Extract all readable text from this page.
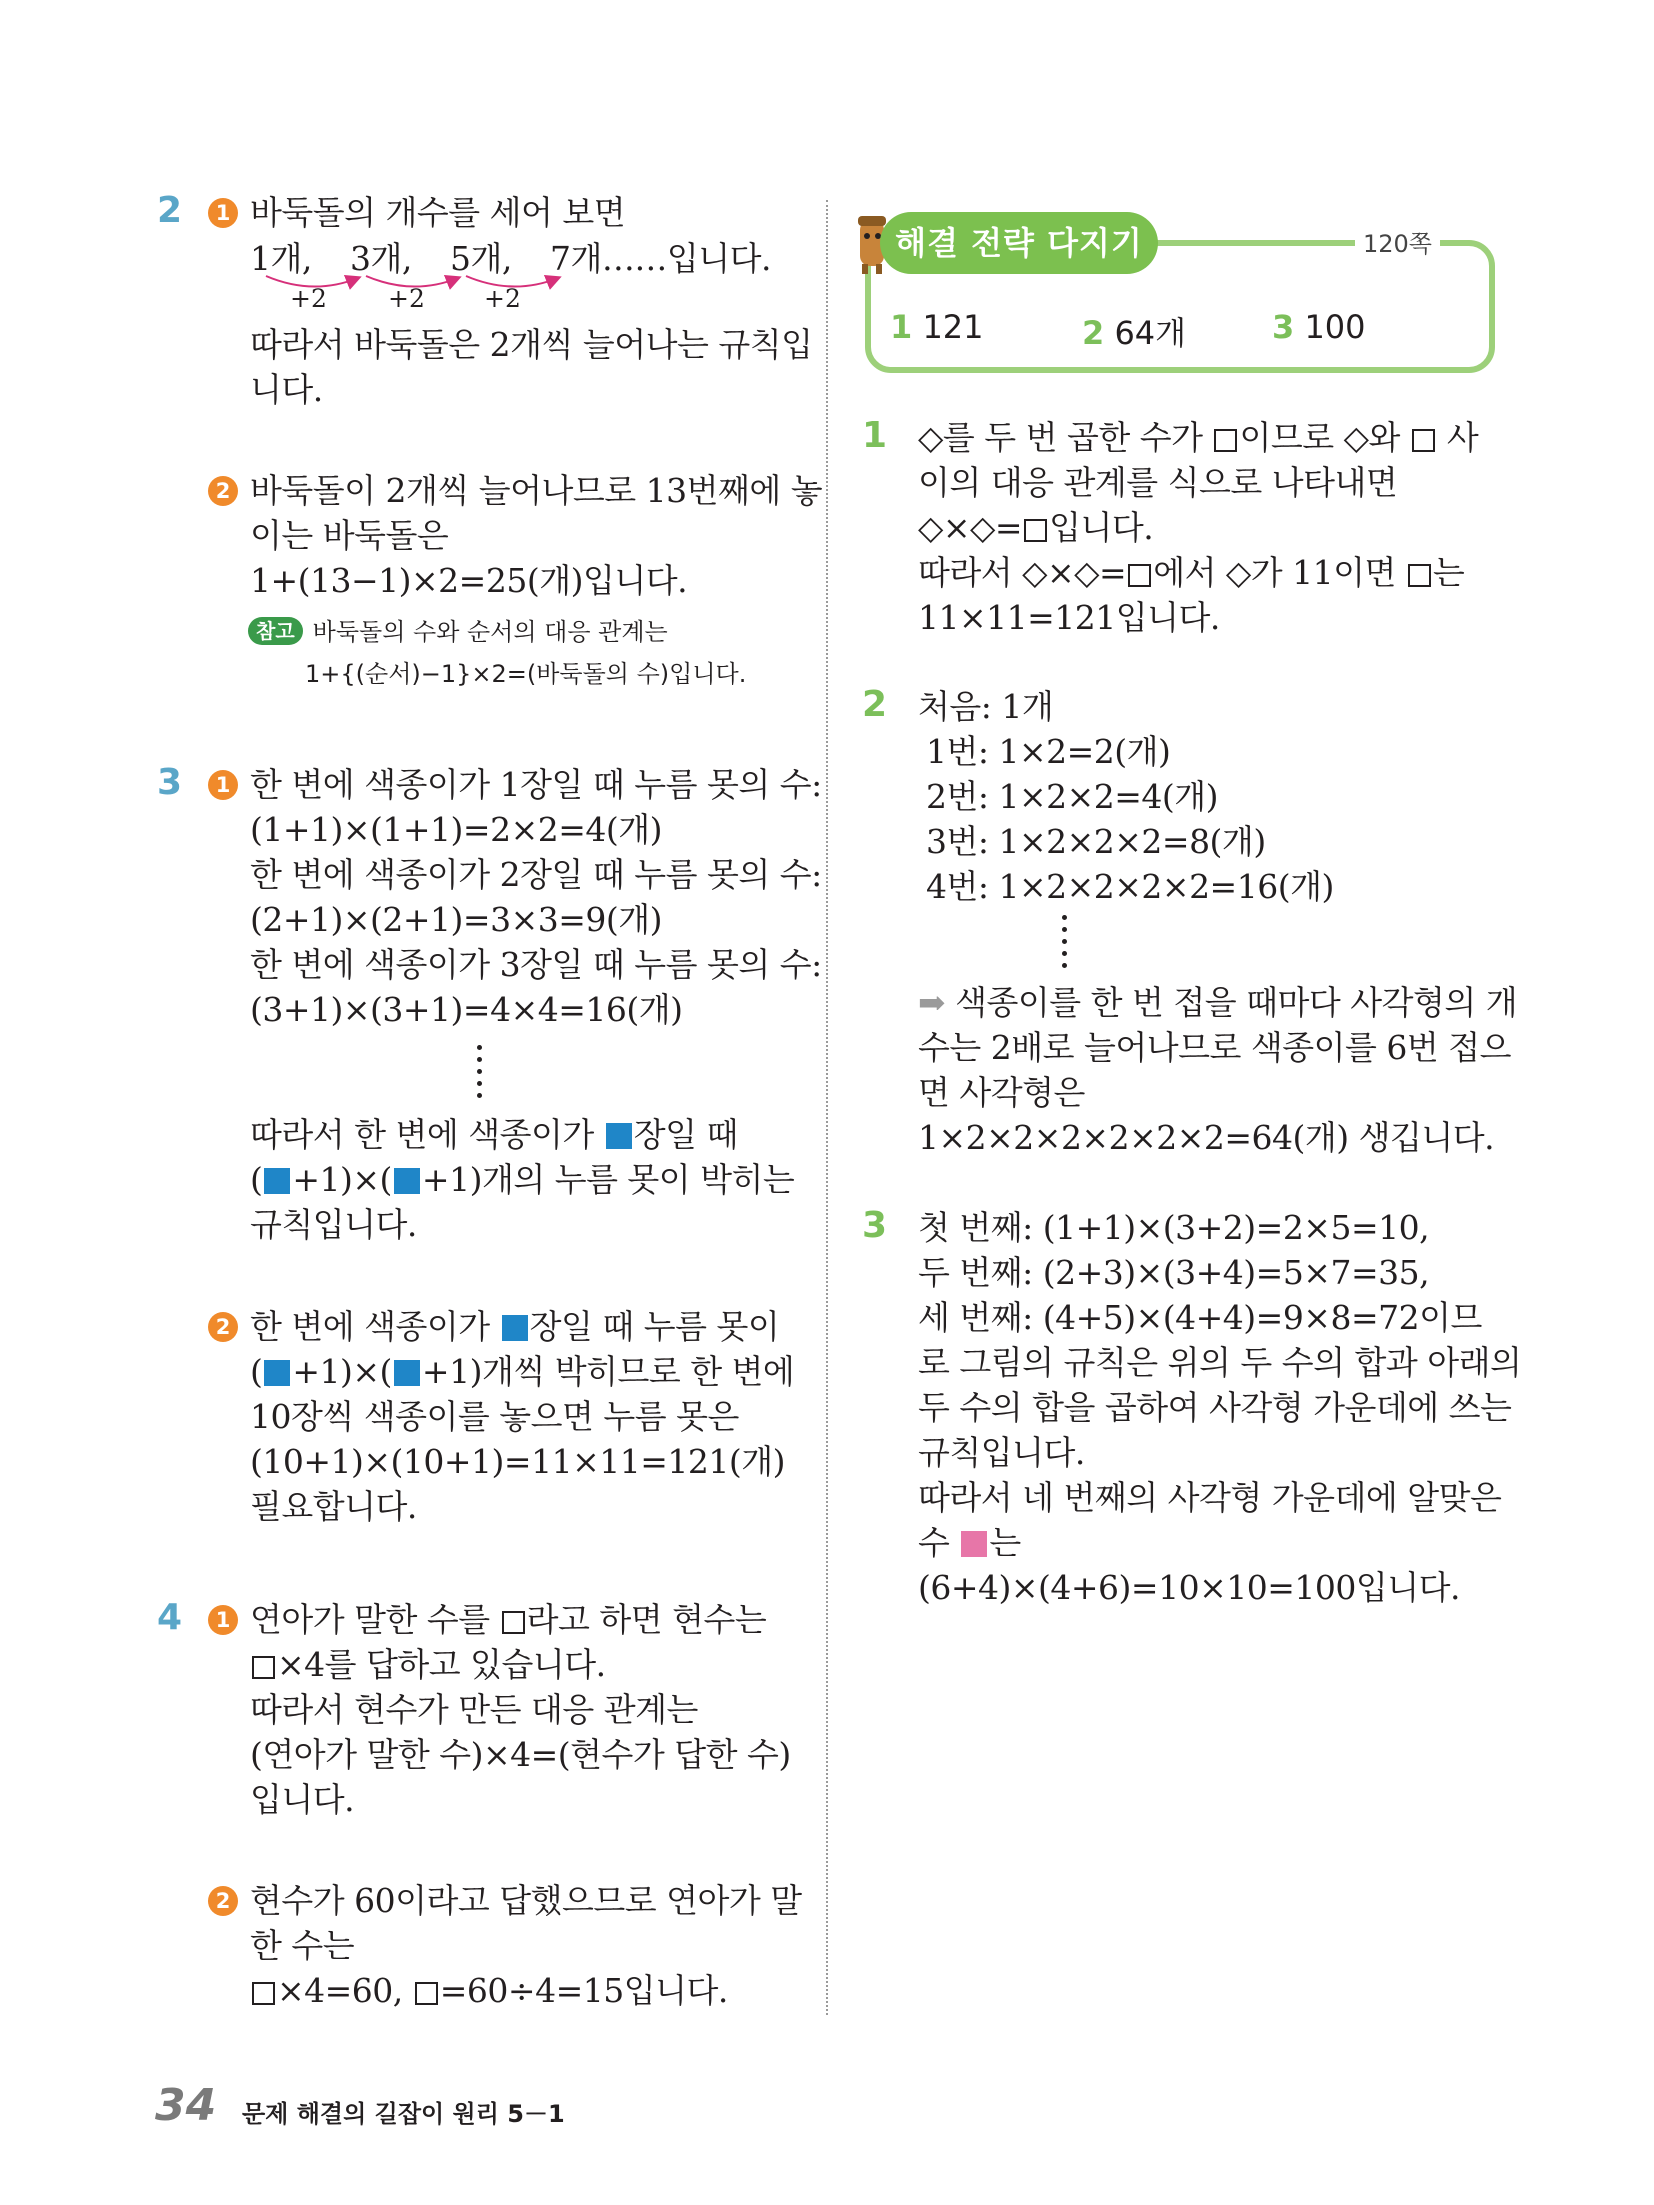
2	1 바둑돌의 개수를 세어 보면
1개, 3개, 5개, 7개……입니다.
+2 +2 +2
따라서 바둑돌은 2개씩 늘어나는 규칙입
니다.
2 바둑돌이 2개씩 늘어나므로 13번째에 놓
이는 바둑돌은
1+(13−1)×2=25(개)입니다.
참고 바둑돌의 수와 순서의 대응 관계는
1+{(순서)−1}×2=(바둑돌의 수)입니다.
3	1 한 변에 색종이가 1장일 때 누름 못의 수:
(1+1)×(1+1)=2×2=4(개)
한 변에 색종이가 2장일 때 누름 못의 수:
(2+1)×(2+1)=3×3=9(개)
한 변에 색종이가 3장일 때 누름 못의 수:
(3+1)×(3+1)=4×4=16(개)
따라서 한 변에 색종이가 장일 때
( +1)×( +1)개의 누름 못이 박히는
규칙입니다.
2 한 변에 색종이가 장일 때 누름 못이
( +1)×( +1)개씩 박히므로 한 변에
10장씩 색종이를 놓으면 누름 못은
(10+1)×(10+1)=11×11=121(개)
필요합니다.
4	1 연아가 말한 수를 라고 하면 현수는
×4를 답하고 있습니다.
따라서 현수가 만든 대응 관계는
(연아가 말한 수)×4=(현수가 답한 수)
입니다.
2 현수가 60이라고 답했으므로 연아가 말
한 수는
×4=60, =60÷4=15입니다.
해결 전략 다지기	120쪽
1 121	2 64개	3 100
1 ◇를 두 번 곱한 수가 이므로 ◇와  사
이의 대응 관계를 식으로 나타내면
◇×◇= 입니다.
따라서 ◇×◇= 에서 ◇가 11이면 는
11×11=121입니다.
2 처음: 1개
1번: 1×2=2(개)
2번: 1×2×2=4(개)
3번: 1×2×2×2=8(개)
4번: 1×2×2×2×2=16(개)
➡ 색종이를 한 번 접을 때마다 사각형의 개
수는 2배로 늘어나므로 색종이를 6번 접으
면 사각형은
1×2×2×2×2×2×2=64(개) 생깁니다.
3 첫 번째: (1+1)×(3+2)=2×5=10,
두 번째: (2+3)×(3+4)=5×7=35,
세 번째: (4+5)×(4+4)=9×8=72이므
로 그림의 규칙은 위의 두 수의 합과 아래의
두 수의 합을 곱하여 사각형 가운데에 쓰는
규칙입니다.
따라서 네 번째의 사각형 가운데에 알맞은
수 는
(6+4)×(4+6)=10×10=100입니다.
34 문제 해결의 길잡이 원리 5－1
